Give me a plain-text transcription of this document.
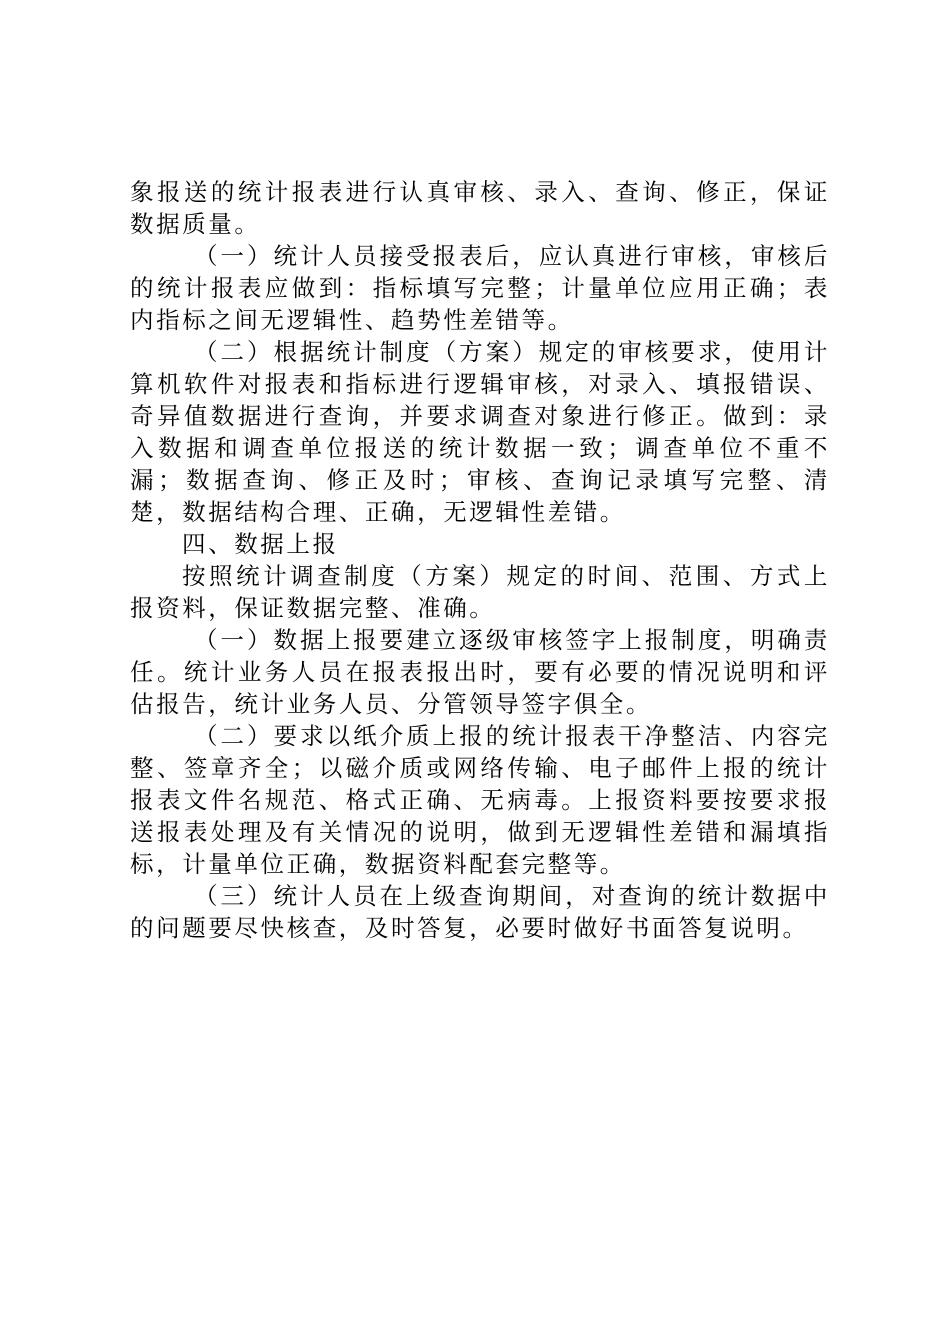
象报送的统计报表进行认真审核、录入、查询、修正，保证数据质量。

（一）统计人员接受报表后，应认真进行审核，审核后的统计报表应做到：指标填写完整；计量单位应用正确；表内指标之间无逻辑性、趋势性差错等。

（二）根据统计制度（方案）规定的审核要求，使用计算机软件对报表和指标进行逻辑审核，对录入、填报错误、奇异值数据进行查询，并要求调查对象进行修正。做到：录入数据和调查单位报送的统计数据一致；调查单位不重不漏；数据查询、修正及时；审核、查询记录填写完整、清楚，数据结构合理、正确，无逻辑性差错。

四、数据上报

按照统计调查制度（方案）规定的时间、范围、方式上报资料，保证数据完整、准确。

（一）数据上报要建立逐级审核签字上报制度，明确责任。统计业务人员在报表报出时，要有必要的情况说明和评估报告，统计业务人员、分管领导签字俱全。

（二）要求以纸介质上报的统计报表干净整洁、内容完整、签章齐全；以磁介质或网络传输、电子邮件上报的统计报表文件名规范、格式正确、无病毒。上报资料要按要求报送报表处理及有关情况的说明，做到无逻辑性差错和漏填指标，计量单位正确，数据资料配套完整等。

（三）统计人员在上级查询期间，对查询的统计数据中的问题要尽快核查，及时答复，必要时做好书面答复说明。
